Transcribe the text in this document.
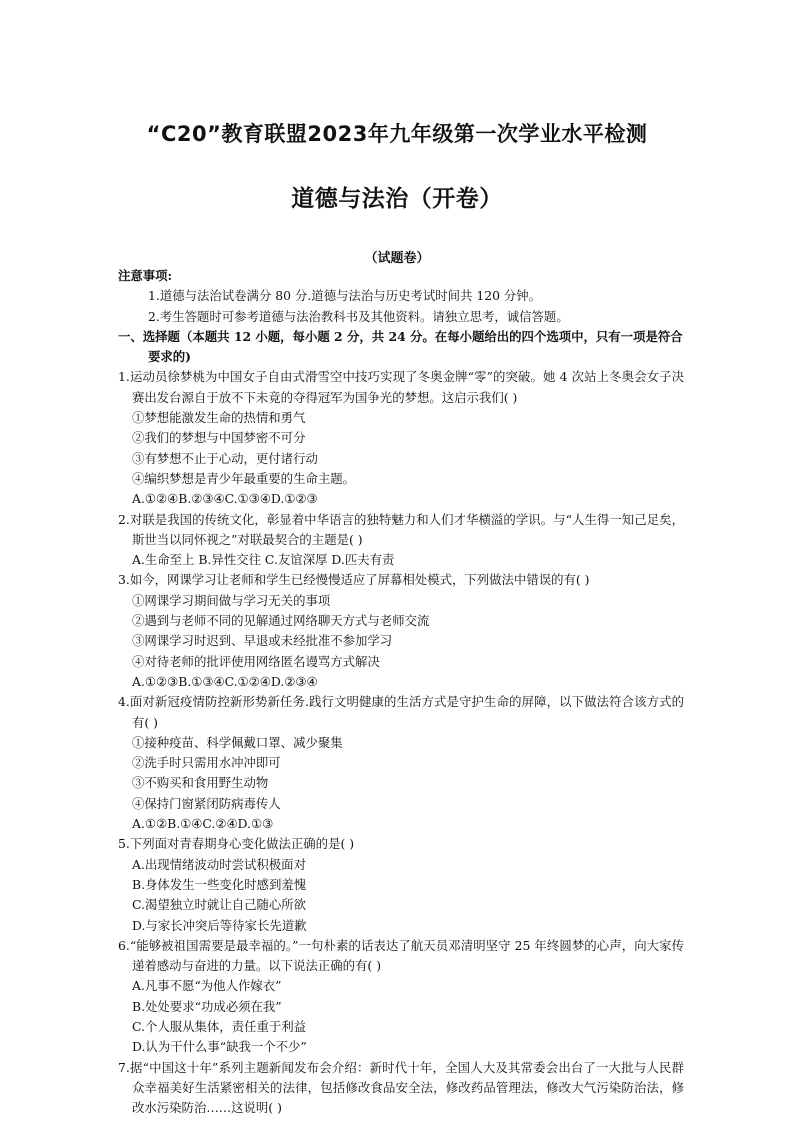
“C20”教育联盟2023年九年级第一次学业水平检测
道德与法治（开卷）
（试题卷）

注意事项:

1.道德与法治试卷满分 80 分.道德与法治与历史考试时间共 120 分钟。

2.考生答题时可参考道德与法治教科书及其他资料。请独立思考，诚信答题。

一、选择题（本题共 12 小题，每小题 2 分，共 24 分。在每小题给出的四个选项中，只有一项是符合要求的)

1.运动员徐梦桃为中国女子自由式滑雪空中技巧实现了冬奥金牌“零”的突破。她 4 次站上冬奥会女子决赛出发台源自于放不下未竟的夺得冠军为国争光的梦想。这启示我们( )

①梦想能激发生命的热情和勇气

②我们的梦想与中国梦密不可分

③有梦想不止于心动，更付诸行动

④编织梦想是青少年最重要的生命主题。

A.①②④B.②③④C.①③④D.①②③

2.对联是我国的传统文化，彰显着中华语言的独特魅力和人们才华横溢的学识。与“人生得一知己足矣，斯世当以同怀视之”对联最契合的主题是( )

A.生命至上 B.异性交往 C.友谊深厚 D.匹夫有责

3.如今，网课学习让老师和学生已经慢慢适应了屏幕相处模式，下列做法中错误的有( )

①网课学习期间做与学习无关的事项

②遇到与老师不同的见解通过网络聊天方式与老师交流

③网课学习时迟到、早退或未经批准不参加学习

④对待老师的批评使用网络匿名谩骂方式解决

A.①②③B.①③④C.①②④D.②③④

4.面对新冠疫情防控新形势新任务.践行文明健康的生活方式是守护生命的屏障，以下做法符合该方式的有( )

①接种疫苗、科学佩戴口罩、减少聚集

②洗手时只需用水冲冲即可

③不购买和食用野生动物

④保持门窗紧闭防病毒传人

A.①②B.①④C.②④D.①③

5.下列面对青春期身心变化做法正确的是( )

A.出现情绪波动时尝试积极面对

B.身体发生一些变化时感到羞愧

C.渴望独立时就让自己随心所欲

D.与家长冲突后等待家长先道歉

6.“能够被祖国需要是最幸福的。”一句朴素的话表达了航天员邓清明坚守 25 年终圆梦的心声，向大家传递着感动与奋进的力量。以下说法正确的有( )

A.凡事不愿“为他人作嫁衣”

B.处处要求“功成必须在我”

C.个人服从集体，责任重于利益

D.认为干什么事“缺我一个不少”

7.据“中国这十年”系列主题新闻发布会介绍：新时代十年，全国人大及其常委会出台了一大批与人民群众幸福美好生活紧密相关的法律，包括修改食品安全法，修改药品管理法，修改大气污染防治法，修改水污染防治……这说明( )
